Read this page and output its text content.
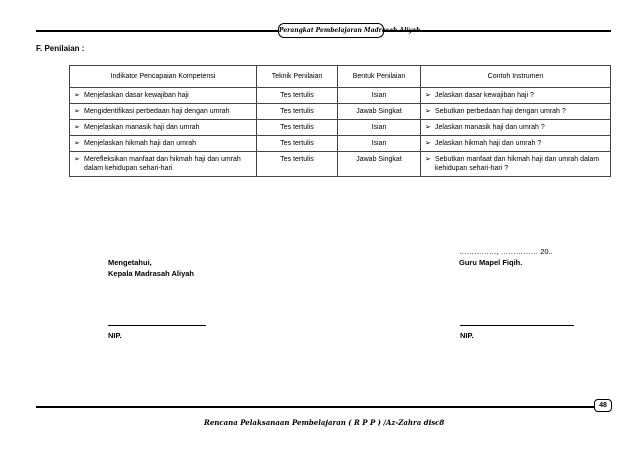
Perangkat Pembelajaran Madrasah Aliyah
F. Penilaian :
Indikator Pencapaian Kompetensi	Teknik Penilaian	Bentuk Penilaian	Contoh Instrumen

➢ Menjelaskan dasar kewajiban haji	Tes tertulis	Isian	➢ Jelaskan dasar kewajiban haji ?

➢ Mengidentifikasi perbedaan haji dengan umrah	Tes tertulis	Jawab Singkat	➢ Sebutkan perbedaan haji dengan umrah ?

➢ Menjelaskan manasik haji dan umrah	Tes tertulis	Isian	➢ Jelaskan manasik haji dan umrah ?

➢ Menjelaskan hikmah haji dan umrah	Tes tertulis	Isian	➢ Jelaskan hikmah haji dan umrah ?

➢ Merefleksikan manfaat dan hikmah haji dan umrah dalam kehidupan sehari-hari	Tes tertulis	Jawab Singkat	➢ Sebutkan manfaat dan hikmah haji dan umrah dalam kehidupan sehari-hari ?
……………, …………… 20..
Mengetahui,
Kepala Madrasah Aliyah
Guru Mapel Fiqih.
NIP.	NIP.
48
Rencana Pelaksanaan Pembelajaran ( R P P ) /Az-Zahra disc8
